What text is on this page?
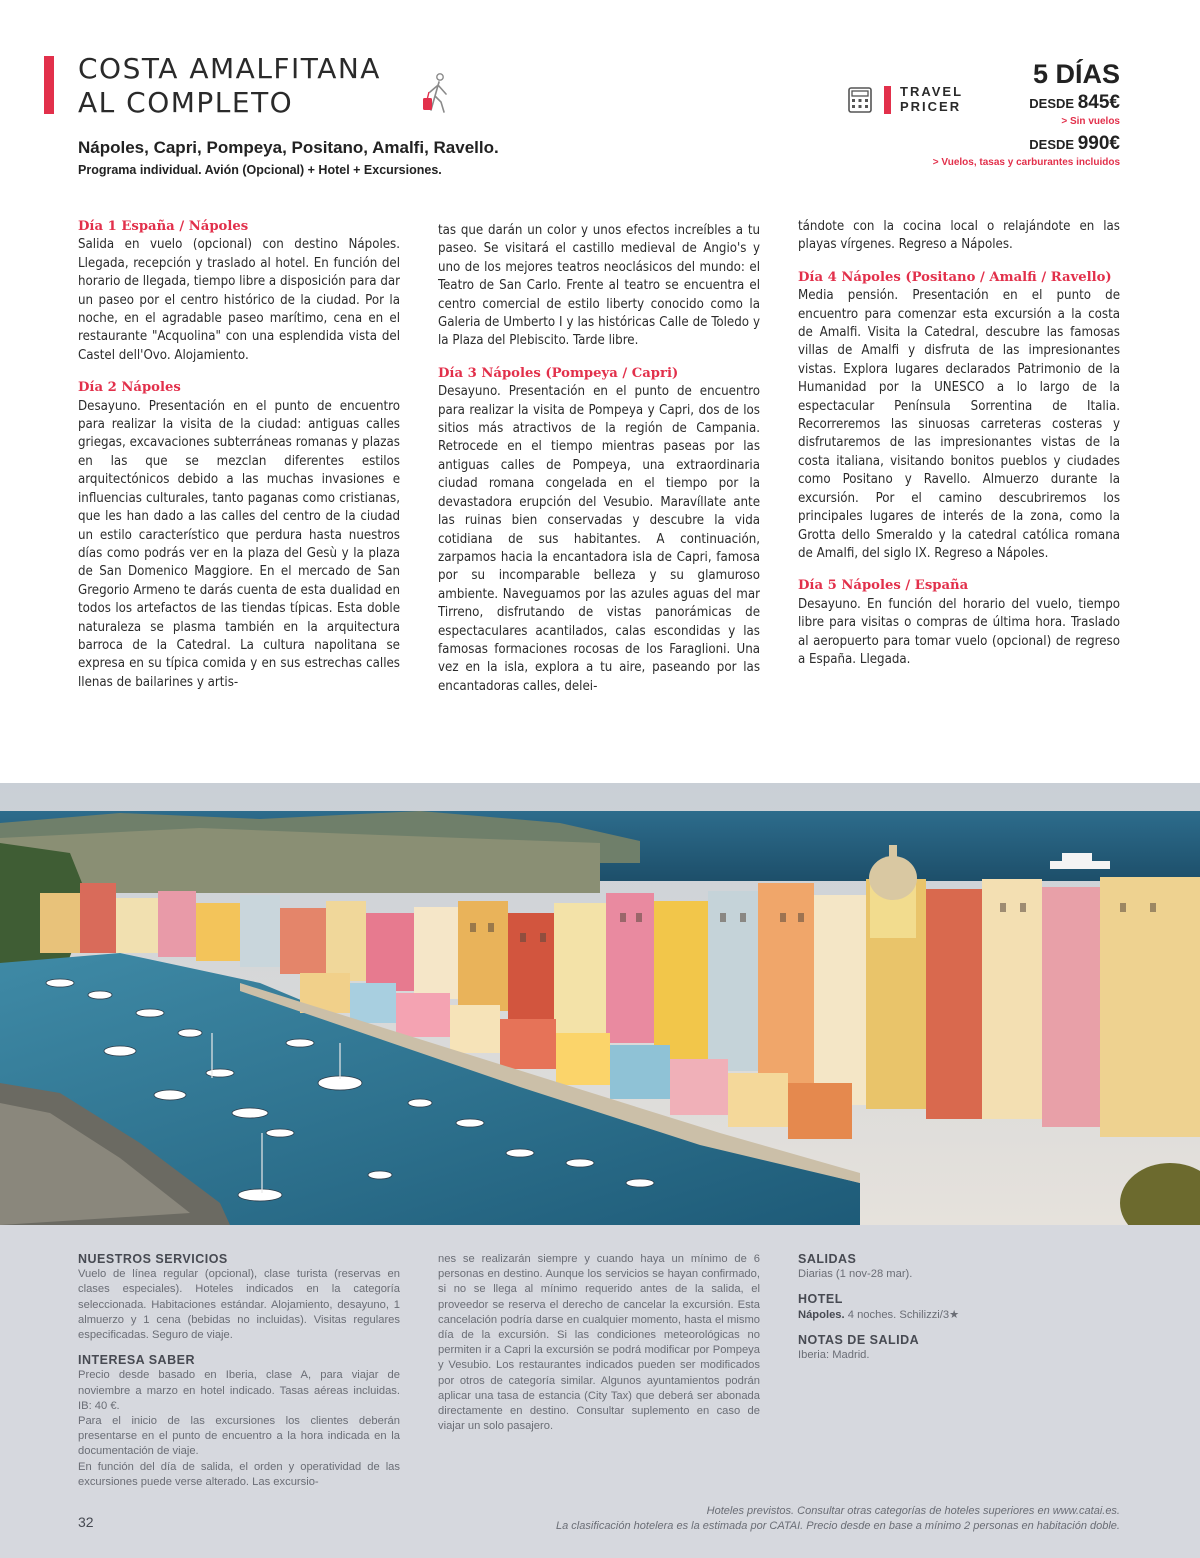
COSTA AMALFITANA
AL COMPLETO
Nápoles, Capri, Pompeya, Positano, Amalfi, Ravello.
Programa individual. Avión (Opcional) + Hotel + Excursiones.
TRAVEL
PRICER
5 DÍAS
DESDE 845€
> Sin vuelos
DESDE 990€
> Vuelos, tasas y carburantes incluidos
Día 1 España / Nápoles

Salida en vuelo (opcional) con destino Nápoles. Llegada, recepción y traslado al hotel. En función del horario de llegada, tiempo libre a disposición para dar un paseo por el centro histórico de la ciudad. Por la noche, en el agradable paseo marítimo, cena en el restaurante "Acquolina" con una esplendida vista del Castel dell'Ovo. Alojamiento.

Día 2 Nápoles

Desayuno. Presentación en el punto de encuentro para realizar la visita de la ciudad: antiguas calles griegas, excavaciones subterráneas romanas y plazas en las que se mezclan diferentes estilos arquitectónicos debido a las muchas invasiones e influencias culturales, tanto paganas como cristianas, que les han dado a las calles del centro de la ciudad un estilo característico que perdura hasta nuestros días como podrás ver en la plaza del Gesù y la plaza de San Domenico Maggiore. En el mercado de San Gregorio Armeno te darás cuenta de esta dualidad en todos los artefactos de las tiendas típicas. Esta doble naturaleza se plasma también en la arquitectura barroca de la Catedral. La cultura napolitana se expresa en su típica comida y en sus estrechas calles llenas de bailarines y artis-

tas que darán un color y unos efectos increíbles a tu paseo. Se visitará el castillo medieval de Angio's y uno de los mejores teatros neoclásicos del mundo: el Teatro de San Carlo. Frente al teatro se encuentra el centro comercial de estilo liberty conocido como la Galeria de Umberto I y las históricas Calle de Toledo y la Plaza del Plebiscito. Tarde libre.

Día 3 Nápoles (Pompeya / Capri)

Desayuno. Presentación en el punto de encuentro para realizar la visita de Pompeya y Capri, dos de los sitios más atractivos de la región de Campania. Retrocede en el tiempo mientras paseas por las antiguas calles de Pompeya, una extraordinaria ciudad romana congelada en el tiempo por la devastadora erupción del Vesubio. Maravíllate ante las ruinas bien conservadas y descubre la vida cotidiana de sus habitantes. A continuación, zarpamos hacia la encantadora isla de Capri, famosa por su incomparable belleza y su glamuroso ambiente. Naveguamos por las azules aguas del mar Tirreno, disfrutando de vistas panorámicas de espectaculares acantilados, calas escondidas y las famosas formaciones rocosas de los Faraglioni. Una vez en la isla, explora a tu aire, paseando por las encantadoras calles, delei-

tándote con la cocina local o relajándote en las playas vírgenes. Regreso a Nápoles.

Día 4 Nápoles (Positano / Amalfi / Ravello)

Media pensión. Presentación en el punto de encuentro para comenzar esta excursión a la costa de Amalfi. Visita la Catedral, descubre las famosas villas de Amalfi y disfruta de las impresionantes vistas. Explora lugares declarados Patrimonio de la Humanidad por la UNESCO a lo largo de la espectacular Península Sorrentina de Italia. Recorreremos las sinuosas carreteras costeras y disfrutaremos de las impresionantes vistas de la costa italiana, visitando bonitos pueblos y ciudades como Positano y Ravello. Almuerzo durante la excursión. Por el camino descubriremos los principales lugares de interés de la zona, como la Grotta dello Smeraldo y la catedral católica romana de Amalfi, del siglo IX. Regreso a Nápoles.

Día 5 Nápoles / España

Desayuno. En función del horario del vuelo, tiempo libre para visitas o compras de última hora. Traslado al aeropuerto para tomar vuelo (opcional) de regreso a España. Llegada.

NUESTROS SERVICIOS

Vuelo de línea regular (opcional), clase turista (reservas en clases especiales). Hoteles indicados en la categoría seleccionada. Habitaciones estándar. Alojamiento, desayuno, 1 almuerzo y 1 cena (bebidas no incluidas). Visitas regulares especificadas. Seguro de viaje.

INTERESA SABER

Precio desde basado en Iberia, clase A, para viajar de noviembre a marzo en hotel indicado. Tasas aéreas incluidas. IB: 40 €.

Para el inicio de las excursiones los clientes deberán presentarse en el punto de encuentro a la hora indicada en la documentación de viaje.

En función del día de salida, el orden y operatividad de las excursiones puede verse alterado. Las excursio-

nes se realizarán siempre y cuando haya un mínimo de 6 personas en destino. Aunque los servicios se hayan confirmado, si no se llega al mínimo requerido antes de la salida, el proveedor se reserva el derecho de cancelar la excursión. Esta cancelación podría darse en cualquier momento, hasta el mismo día de la excursión. Si las condiciones meteorológicas no permiten ir a Capri la excursión se podrá modificar por Pompeya y Vesubio. Los restaurantes indicados pueden ser modificados por otros de categoría similar. Algunos ayuntamientos podrán aplicar una tasa de estancia (City Tax) que deberá ser abonada directamente en destino. Consultar suplemento en caso de viajar un solo pasajero.

SALIDAS

Diarias (1 nov-28 mar).

HOTEL

Nápoles. 4 noches. Schilizzi/3★

NOTAS DE SALIDA

Iberia: Madrid.

32
Hoteles previstos. Consultar otras categorías de hoteles superiores en www.catai.es.
La clasificación hotelera es la estimada por CATAI. Precio desde en base a mínimo 2 personas en habitación doble.
